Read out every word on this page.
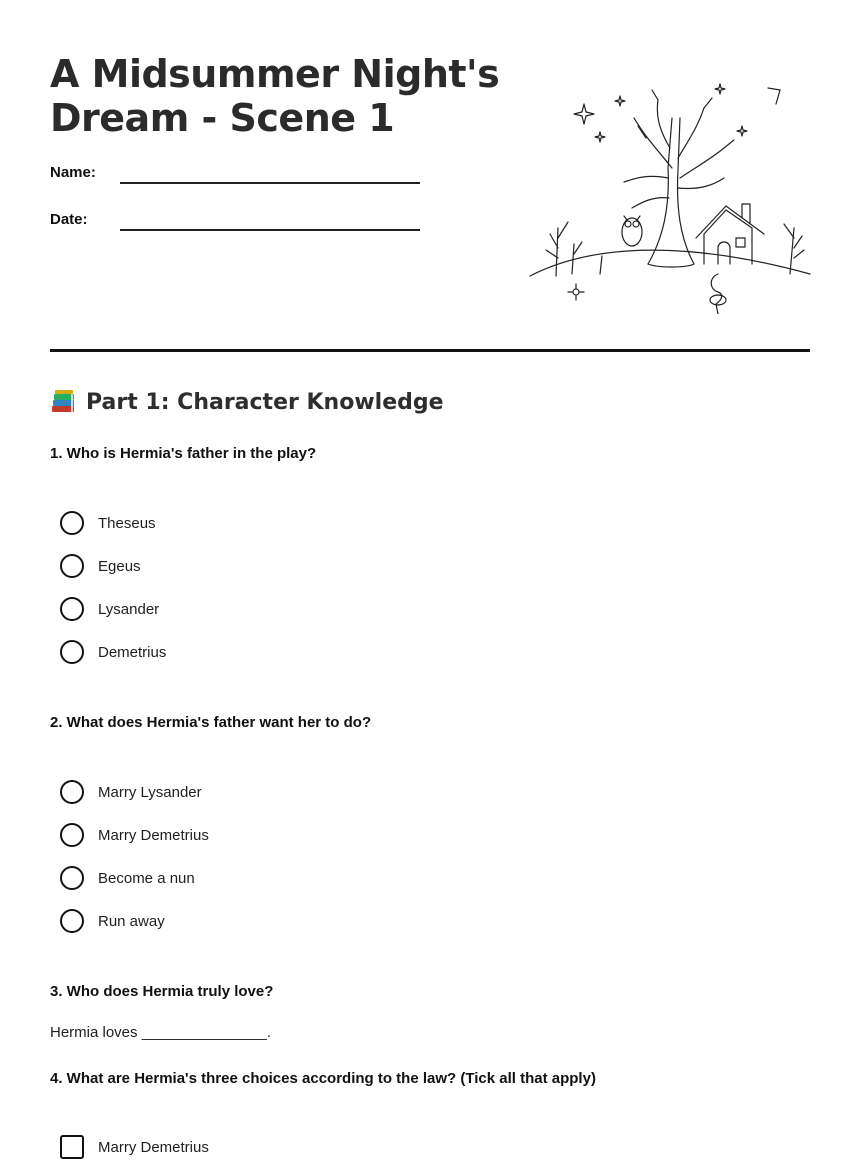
A Midsummer Night's Dream - Scene 1
Name:
Date:
Part 1: Character Knowledge
1. Who is Hermia's father in the play?
Theseus
Egeus
Lysander
Demetrius
2. What does Hermia's father want her to do?
Marry Lysander
Marry Demetrius
Become a nun
Run away
3. Who does Hermia truly love?
Hermia loves _______________.
4. What are Hermia's three choices according to the law? (Tick all that apply)
Marry Demetrius
